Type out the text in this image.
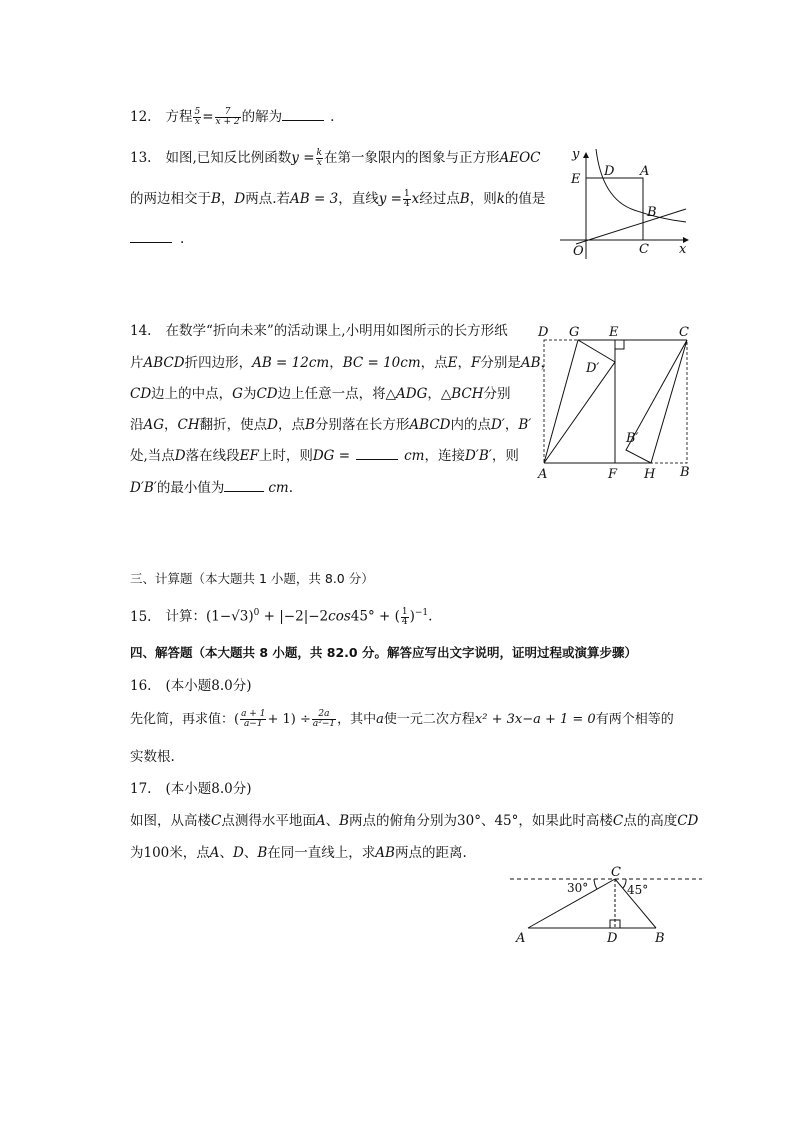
12. 方程 $\frac{5}{x} = \frac{7}{x + 2}$ 的解为	.
13. 如图,已知反比例函数$y = \frac{k}{x}$ 在第一象限内的图象与正方形AEOC
的两边相交于B，D两点.若AB = 3，直线$y = \frac{1}{4}$ x经过点B，则k的值是
.
y
x
O
E
D A
B
C
14. 在数学“折向未来”的活动课上,小明用如图所示的长方形纸
片ABCD折四边形，AB = 12cm，BC = 10cm，点E，F分别是AB，
CD边上的中点，G为CD边上任意一点，将△ADG，△BCH分别
沿AG，CH翻折，使点D，点B分别落在长方形ABCD内的点D′，B′
处,当点D落在线段EF上时，则DG =	cm，连接D′B′，则
D′B′的最小值为	cm.
D G E	C
D′
B′
A	F H B
三、计算题（本大题共 1 小题，共 8.0 分）
15. 计算：$(1-√3)^0 + |-2|-2\cos 45^\circ$ + ( $\frac{1}{4} )^{-1}$.
四、解答题（本大题共 8 小题，共 82.0 分。解答应写出文字说明，证明过程或演算步骤）
16. (本小题8.0分)
先化简，再求值：( $\frac{a + 1}{a-1} + 1) \div \frac{2a}{\text{a²−1}}$ ，其中a使一元二次方程x² + 3x−a + 1 = 0有两个相等的
实数根.
17. (本小题8.0分)
如图，从高楼C点测得水平地面A、B两点的俯角分别为30°、45°，如果此时高楼C点的高度CD
为100米，点A、D、B在同一直线上，求AB两点的距离.
C
30°	45°
A	D	B
